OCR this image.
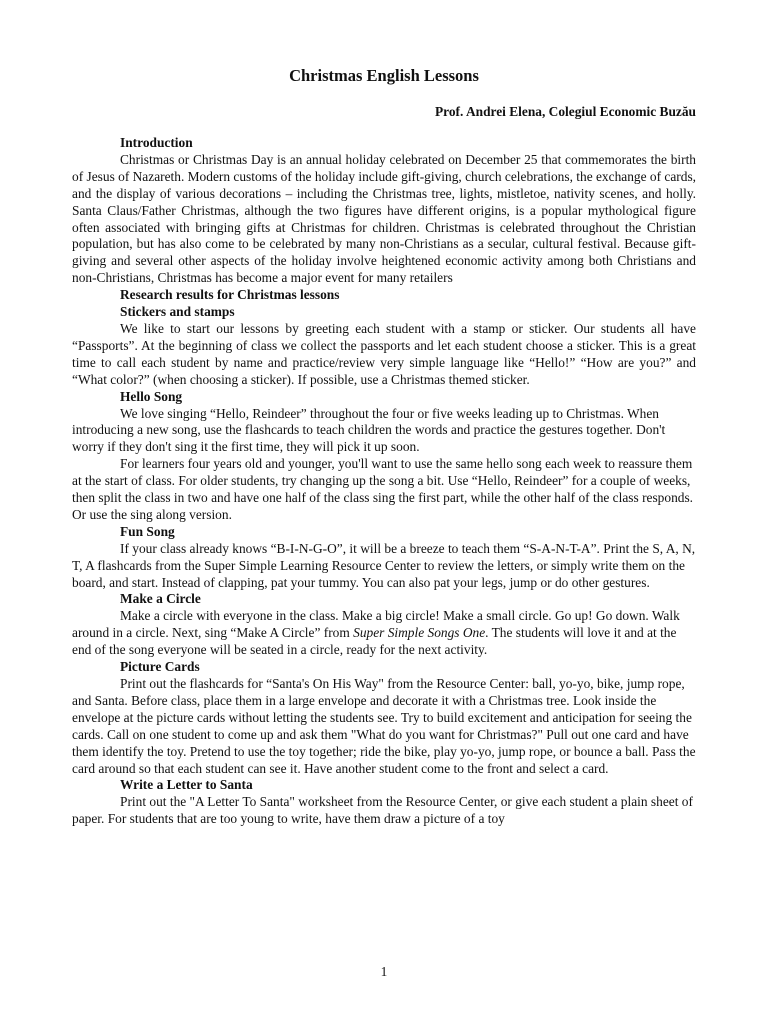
Christmas English Lessons
Prof. Andrei Elena, Colegiul Economic Buzău
Introduction
Christmas or Christmas Day is an annual holiday celebrated on December 25 that commemorates the birth of Jesus of Nazareth. Modern customs of the holiday include gift-giving, church celebrations, the exchange of cards, and the display of various decorations – including the Christmas tree, lights, mistletoe, nativity scenes, and holly. Santa Claus/Father Christmas, although the two figures have different origins, is a popular mythological figure often associated with bringing gifts at Christmas for children. Christmas is celebrated throughout the Christian population, but has also come to be celebrated by many non-Christians as a secular, cultural festival. Because gift-giving and several other aspects of the holiday involve heightened economic activity among both Christians and non-Christians, Christmas has become a major event for many retailers
Research results for Christmas lessons
Stickers and stamps
We like to start our lessons by greeting each student with a stamp or sticker. Our students all have “Passports”. At the beginning of class we collect the passports and let each student choose a sticker. This is a great time to call each student by name and practice/review very simple language like “Hello!” “How are you?” and “What color?” (when choosing a sticker). If possible, use a Christmas themed sticker.
Hello Song
We love singing “Hello, Reindeer” throughout the four or five weeks leading up to Christmas. When introducing a new song, use the flashcards to teach children the words and practice the gestures together. Don't worry if they don't sing it the first time, they will pick it up soon.
For learners four years old and younger, you'll want to use the same hello song each week to reassure them at the start of class. For older students, try changing up the song a bit. Use “Hello, Reindeer” for a couple of weeks, then split the class in two and have one half of the class sing the first part, while the other half of the class responds. Or use the sing along version.
Fun Song
If your class already knows “B-I-N-G-O”, it will be a breeze to teach them “S-A-N-T-A”. Print the S, A, N, T, A flashcards from the Super Simple Learning Resource Center to review the letters, or simply write them on the board, and start. Instead of clapping, pat your tummy. You can also pat your legs, jump or do other gestures.
Make a Circle
Make a circle with everyone in the class. Make a big circle! Make a small circle. Go up! Go down. Walk around in a circle. Next, sing “Make A Circle” from Super Simple Songs One. The students will love it and at the end of the song everyone will be seated in a circle, ready for the next activity.
Picture Cards
Print out the flashcards for “Santa's On His Way" from the Resource Center: ball, yo-yo, bike, jump rope, and Santa. Before class, place them in a large envelope and decorate it with a Christmas tree. Look inside the envelope at the picture cards without letting the students see. Try to build excitement and anticipation for seeing the cards. Call on one student to come up and ask them "What do you want for Christmas?" Pull out one card and have them identify the toy. Pretend to use the toy together; ride the bike, play yo-yo, jump rope, or bounce a ball. Pass the card around so that each student can see it. Have another student come to the front and select a card.
Write a Letter to Santa
Print out the "A Letter To Santa" worksheet from the Resource Center, or give each student a plain sheet of paper. For students that are too young to write, have them draw a picture of a toy
1
